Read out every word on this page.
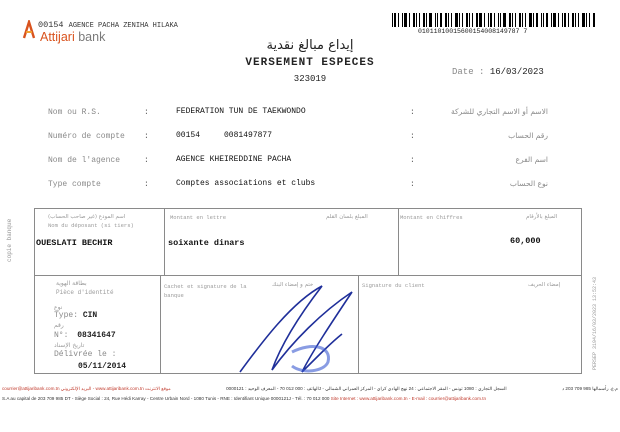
00154 AGENCE PACHA ZENIHA HILAKA
Attijari bank	01011010015600154008149787 7
إيداع مبالغ نقدية
VERSEMENT ESPECES
323019
Date : 16/03/2023
Nom ou R.S.	:	FEDERATION TUN DE TAEKWONDO	:	الاسم أو الاسم التجاري للشركة
Numéro de compte :	00154     0081497877	:	رقم الحساب
Nom de l'agence	:	AGENCE KHEIREDDINE PACHA	:	اسم الفرع
Type compte	:	Comptes associations et clubs	:	نوع الحساب
اسم المودع (غير صاحب الحساب)
Nom du déposant (si tiers)
Montant en lettre	المبلغ بلسان القلم	Montant en Chiffres	المبلغ بالأرقام
OUESLATI BECHIR	soixante dinars	60,000
بطاقة الهوية
Pièce d'identité
Cachet et signature de la banque
ختم و إمضاء البنك	Signature du client	إمضاء الحريف
نوع
Type: CIN
رقم
N°: 08341647
تاريخ الإسناد
Délivrée le :
05/11/2014
copie banque
PERSEP 3194/16/03/2023 13:52:43
courrier@attijaribank.com.tn البريد الإلكتروني - www.attijaribank.com.tn موقع الانترنت	الهاتف : 000 012 70 - المعرف الوحيد : 0000121J - السجل التجاري : 1080 تونس - المقر الاجتماعي : 24 نهج الهادي كراي - المركز العمراني الشمالي	م.ع. رأسمالها 985 709 203 د
S.A au capital de 203 709 985 DT - Siège Social : 24, Rue Hédi Karray - Centre Urbain Nord - 1080 Tunis - RNE : Identifiant Unique 0000121J - Tél. : 70 012 000 Site Internet : www.attijaribank.com.tn - E-mail : courrier@attijaribank.com.tn
